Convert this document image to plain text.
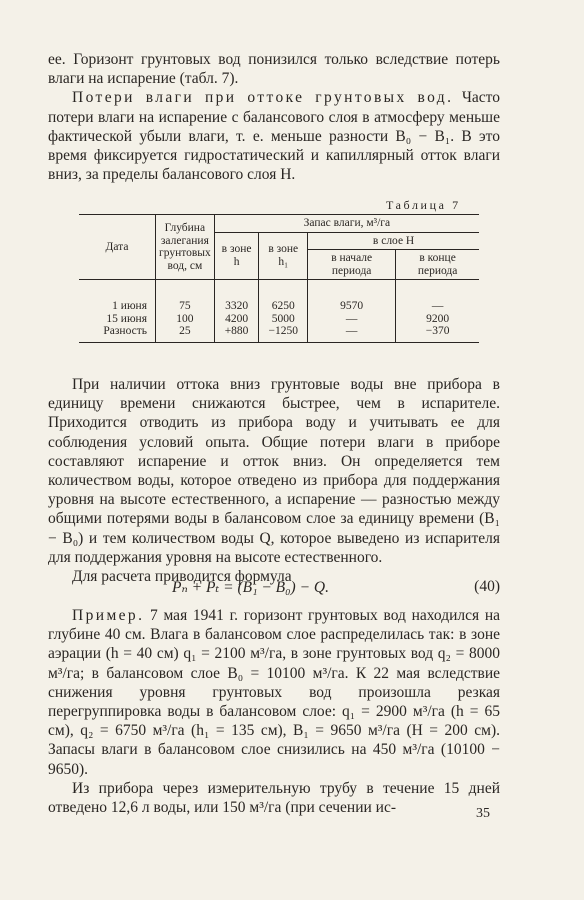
ее. Горизонт грунтовых вод понизился только вследствие потерь влаги на испарение (табл. 7).

Потери влаги при оттоке грунтовых вод. Часто потери влаги на испарение с балансового слоя в атмосферу меньше фактической убыли влаги, т. е. меньше разности B₀ − B₁. В это время фиксируется гидростатический и капиллярный отток влаги вниз, за пределы балансового слоя H.

Таблица 7
Дата	Глубина залегания грунтовых вод, см	Запас влаги, м³/га			
		в зоне h	в зоне h₁	в слое H	
				в начале периода	в конце периода

1 июня	75	3320	6250	9570	—
15 июня	100	4200	5000	—	9200
Разность	25	+880	−1250	—	−370

При наличии оттока вниз грунтовые воды вне прибора в единицу времени снижаются быстрее, чем в испарителе. Приходится отводить из прибора воду и учитывать ее для соблюдения условий опыта. Общие потери влаги в приборе составляют испарение и отток вниз. Он определяется тем количеством воды, которое отведено из прибора для поддержания уровня на высоте естественного, а испарение — разностью между общими потерями воды в балансовом слое за единицу времени (B₁ − B₀) и тем количеством воды Q, которое выведено из испарителя для поддержания уровня на высоте естественного.

Для расчета приводится формула

Pₙ + Pₜ = (B₁ − B₀) − Q.	(40)

Пример. 7 мая 1941 г. горизонт грунтовых вод находился на глубине 40 см. Влага в балансовом слое распределилась так: в зоне аэрации (h = 40 см) q₁ = 2100 м³/га, в зоне грунтовых вод q₂ = 8000 м³/га; в балансовом слое B₀ = 10100 м³/га. К 22 мая вследствие снижения уровня грунтовых вод произошла резкая перегруппировка воды в балансовом слое: q₁ = 2900 м³/га (h = 65 см), q₂ = 6750 м³/га (h₁ = 135 см), B₁ = 9650 м³/га (H = 200 см). Запасы влаги в балансовом слое снизились на 450 м³/га (10100 − 9650).

Из прибора через измерительную трубу в течение 15 дней отведено 12,6 л воды, или 150 м³/га (при сечении ис-	35
